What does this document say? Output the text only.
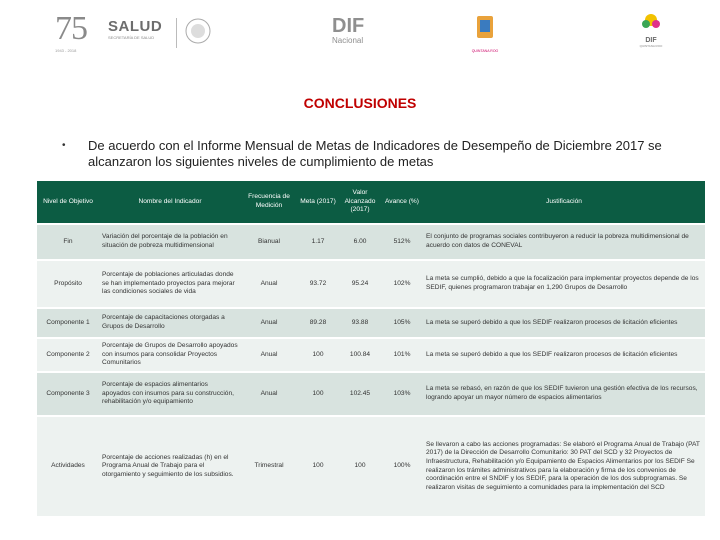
75
1943 - 2018
SALUD
SECRETARÍA DE SALUD
DIF
Nacional
QUINTANA ROO
DIF
QUINTANA ROO
CONCLUSIONES
• De acuerdo con el Informe Mensual de Metas de Indicadores de Desempeño de Diciembre 2017 se alcanzaron los siguientes niveles de cumplimiento de metas
Nivel de Objetivo	Nombre del Indicador	Frecuencia de Medición	Meta (2017)	Valor Alcanzado (2017)	Avance (%)	Justificación
Fin	Variación del porcentaje de la población en situación de pobreza multidimensional	Bianual	1.17	6.00	512%	El conjunto de programas sociales contribuyeron a reducir la pobreza multidimensional de acuerdo con datos de CONEVAL
Propósito	Porcentaje de poblaciones articuladas donde se han implementado proyectos para mejorar las condiciones sociales de vida	Anual	93.72	95.24	102%	La meta se cumplió, debido a que la focalización para implementar proyectos depende de los SEDIF, quienes programaron trabajar en 1,290 Grupos de Desarrollo
Componente 1	Porcentaje de capacitaciones otorgadas a Grupos de Desarrollo	Anual	89.28	93.88	105%	La meta se superó debido a que los SEDIF realizaron procesos de licitación eficientes
Componente 2	Porcentaje de Grupos de Desarrollo apoyados con insumos para consolidar Proyectos Comunitarios	Anual	100	100.84	101%	La meta se superó debido a que los SEDIF realizaron procesos de licitación eficientes
Componente 3	Porcentaje de espacios alimentarios apoyados con insumos para su construcción, rehabilitación y/o equipamiento	Anual	100	102.45	103%	La meta se rebasó, en razón de que los SEDIF tuvieron una gestión efectiva de los recursos, logrando apoyar un mayor número de espacios alimentarios
Actividades	Porcentaje de acciones realizadas (h) en el Programa Anual de Trabajo para el otorgamiento y seguimiento de los subsidios.	Trimestral	100	100	100%	Se llevaron a cabo las acciones programadas: Se elaboró el Programa Anual de Trabajo (PAT 2017) de la Dirección de Desarrollo Comunitario: 30 PAT del SCD y 32 Proyectos de Infraestructura, Rehabilitación y/o Equipamiento de Espacios Alimentarios por los SEDIF Se realizaron los trámites administrativos para la elaboración y firma de los convenios de coordinación entre el SNDIF y los SEDIF, para la operación de los dos subprogramas. Se realizaron visitas de seguimiento a comunidades para la implementación del SCD
